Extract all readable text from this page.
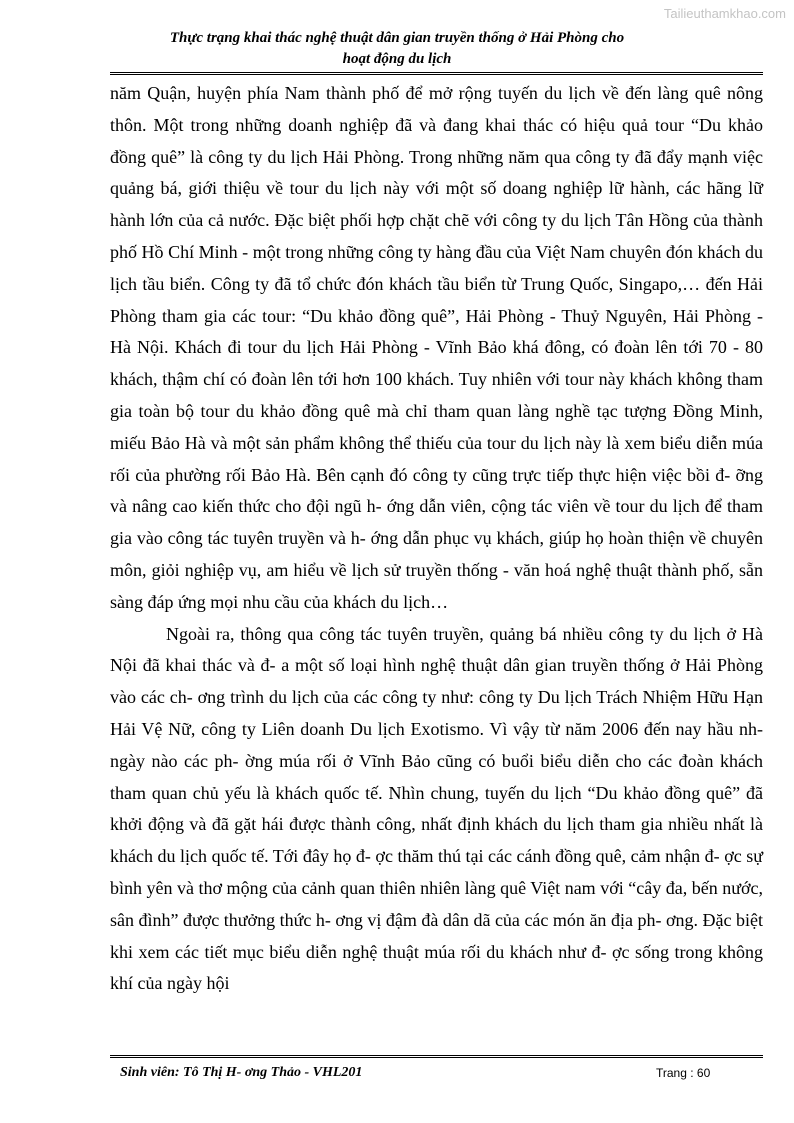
Tailieuthamkhao.com
Thực trạng khai thác nghệ thuật dân gian truyền thống ở Hải Phòng cho
hoạt động du lịch

năm Quận, huyện phía Nam thành phố để mở rộng tuyến du lịch về đến làng quê nông thôn. Một trong những doanh nghiệp đã và đang khai thác có hiệu quả tour “Du khảo đồng quê” là công ty du lịch Hải Phòng. Trong những năm qua công ty đã đẩy mạnh việc quảng bá, giới thiệu về tour du lịch này với một số doang nghiệp lữ hành, các hãng lữ hành lớn của cả nước. Đặc biệt phối hợp chặt chẽ với công ty du lịch Tân Hồng của thành phố Hồ Chí Minh - một trong những công ty hàng đầu của Việt Nam chuyên đón khách du lịch tầu biển. Công ty đã tổ chức đón khách tầu biển từ Trung Quốc, Singapo,… đến Hải Phòng tham gia các tour: “Du khảo đồng quê”, Hải Phòng - Thuỷ Nguyên, Hải Phòng - Hà Nội. Khách đi tour du lịch Hải Phòng - Vĩnh Bảo khá đông, có đoàn lên tới 70 - 80 khách, thậm chí có đoàn lên tới hơn 100 khách. Tuy nhiên với tour này khách không tham gia toàn bộ tour du khảo đồng quê mà chỉ tham quan làng nghề tạc tượng Đồng Minh, miếu Bảo Hà và một sản phẩm không thể thiếu của tour du lịch này là xem biểu diễn múa rối của phường rối Bảo Hà. Bên cạnh đó công ty cũng trực tiếp thực hiện việc bồi đ- ỡng và nâng cao kiến thức cho đội ngũ h- ớng dẫn viên, cộng tác viên về tour du lịch để tham gia vào công tác tuyên truyền và h- ớng dẫn phục vụ khách, giúp họ hoàn thiện về chuyên môn, giỏi nghiệp vụ, am hiểu về lịch sử truyền thống - văn hoá nghệ thuật thành phố, sẵn sàng đáp ứng mọi nhu cầu của khách du lịch…

Ngoài ra, thông qua công tác tuyên truyền, quảng bá nhiều công ty du lịch ở Hà Nội đã khai thác và đ- a một số loại hình nghệ thuật dân gian truyền thống ở Hải Phòng vào các ch- ơng trình du lịch của các công ty như: công ty Du lịch Trách Nhiệm Hữu Hạn Hải Vệ Nữ, công ty Liên doanh Du lịch Exotismo. Vì vậy từ năm 2006 đến nay hầu nh- ngày nào các ph- ờng múa rối ở Vĩnh Bảo cũng có buổi biểu diễn cho các đoàn khách tham quan chủ yếu là khách quốc tế. Nhìn chung, tuyến du lịch “Du khảo đồng quê” đã khởi động và đã gặt hái được thành công, nhất định khách du lịch tham gia nhiều nhất là khách du lịch quốc tế. Tới đây họ đ- ợc thăm thú tại các cánh đồng quê, cảm nhận đ- ợc sự bình yên và thơ mộng của cảnh quan thiên nhiên làng quê Việt nam với “cây đa, bến nước, sân đình” được thưởng thức h- ơng vị đậm đà dân dã của các món ăn địa ph- ơng. Đặc biệt khi xem các tiết mục biểu diễn nghệ thuật múa rối du khách như đ- ợc sống trong không khí của ngày hội

Sinh viên: Tô Thị H- ơng Thảo - VHL201	Trang : 60
